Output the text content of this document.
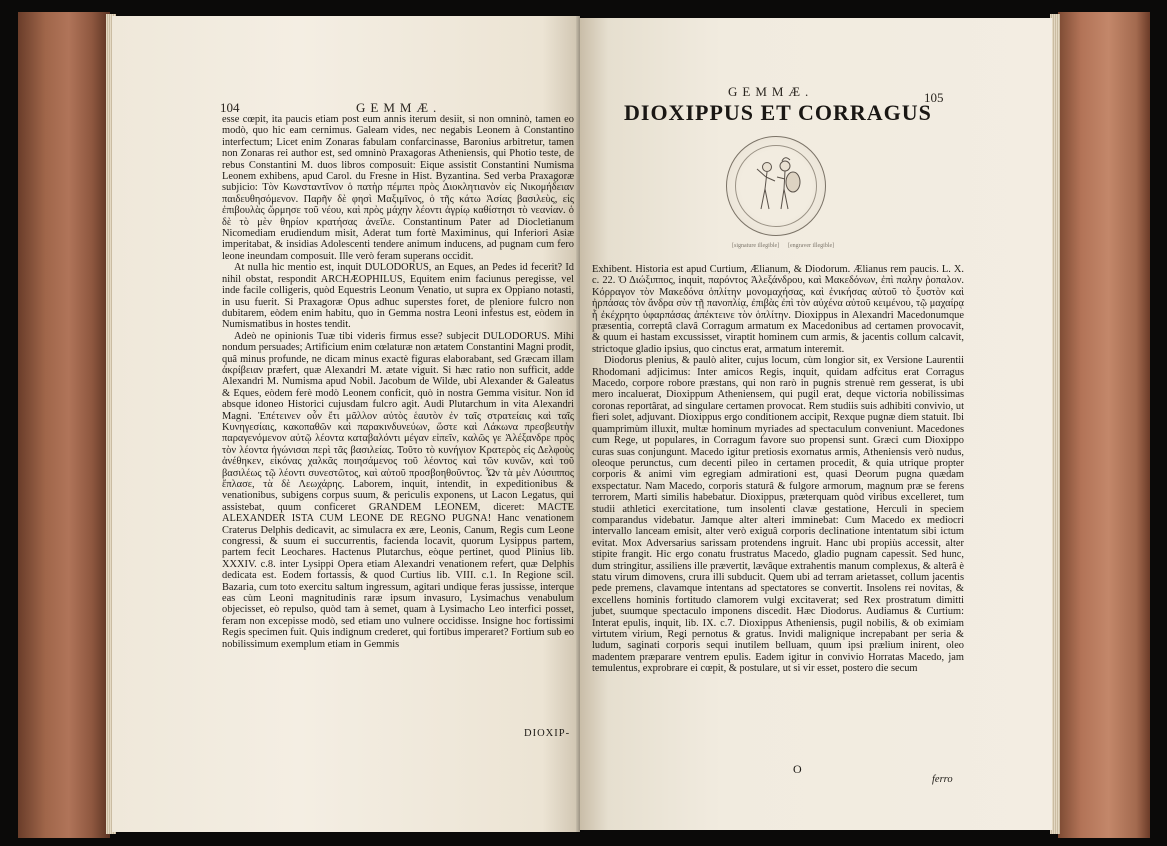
104	GEMMÆ.

esse cœpit, ita paucis etiam post eum annis iterum desiit, si non omninò, tamen eo modò, quo hic eam cernimus. Galeam vides, nec negabis Leonem à Constantino interfectum; Licet enim Zonaras fabulam confarcinasse, Baronius arbitretur, tamen non Zonaras rei author est, sed omninò Praxagoras Atheniensis, qui Photio teste, de rebus Constantini M. duos libros composuit: Eique assistit Constantini Numisma Leonem exhibens, apud Carol. du Fresne in Hist. Byzantina. Sed verba Praxagoræ subjicio: Τὸν Κωνσταντῖνον ὁ πατὴρ πέμπει πρὸς Διοκλητιανὸν εἰς Νικομήδειαν παιδευθησόμενον. Παρῆν δὲ φησὶ Μαξιμῖνος, ὁ τῆς κάτω Ἀσίας βασιλεὺς, εἰς ἐπιβουλὰς ὥρμησε τοῦ νέου, καὶ πρὸς μάχην λέοντι ἀγρίῳ καθίστησι τὸ νεανίαν. ὁ δὲ τὸ μὲν θηρίον κρατήσας ἀνεῖλε. Constantinum Pater ad Diocletianum Nicomediam erudiendum misit, Aderat tum fortè Maximinus, qui Inferiori Asiæ imperitabat, & insidias Adolescenti tendere animum inducens, ad pugnam cum fero leone ineundam composuit. Ille verò feram superans occidit.

At nulla hic mentio est, inquit DULODORUS, an Eques, an Pedes id fecerit? Id nihil obstat, respondit ARCHÆOPHILUS, Equitem enim faciunus peregisse, vel inde facile colligeris, quòd Equestris Leonum Venatio, ut supra ex Oppiano notasti, in usu fuerit. Si Praxagoræ Opus adhuc superstes foret, de pleniore fulcro non dubitarem, eòdem enim habitu, quo in Gemma nostra Leoni infestus est, eòdem in Numismatibus in hostes tendit.

Adeò ne opinionis Tuæ tibi videris firmus esse? subjecit DULODORUS. Mihi nondum persuades; Artificium enim cœlaturæ non ætatem Constantini Magni prodit, quâ minus profunde, ne dicam minus exactè figuras elaborabant, sed Græcam illam ἀκρίβειαν præfert, quæ Alexandri M. ætate viguit. Si hæc ratio non sufficit, adde Alexandri M. Numisma apud Nobil. Jacobum de Wilde, ubi Alexander & Galeatus & Eques, eòdem ferè modò Leonem conficit, quò in nostra Gemma visitur. Non id absque idoneo Historici cujusdam fulcro agit. Audi Plutarchum in vita Alexandri Magni. Ἐπέτεινεν οὖν ἔτι μᾶλλον αὐτὸς ἑαυτὸν ἐν ταῖς στρατείαις καὶ ταῖς Κυνηγεσίαις, κακοπαθῶν καὶ παρακινδυνεύων, ὥστε καὶ Λάκωνα πρεσβευτὴν παραγενόμενον αὐτῷ λέοντα καταβαλόντι μέγαν εἰπεῖν, καλῶς γε Ἀλέξανδρε πρὸς τὸν λέοντα ἠγώνισαι περὶ τᾶς βασιλείας. Τοῦτο τὸ κυνήγιον Κρατερὸς εἰς Δελφοὺς ἀνέθηκεν, εἰκόνας χαλκᾶς ποιησάμενος τοῦ λέοντος καὶ τῶν κυνῶν, καὶ τοῦ βασιλέως τῷ λέοντι συνεστῶτος, καὶ αὐτοῦ προσβοηθοῦντος. Ὧν τὰ μὲν Λύσιππος ἔπλασε, τὰ δὲ Λεωχάρης. Laborem, inquit, intendit, in expeditionibus & venationibus, subigens corpus suum, & periculis exponens, ut Lacon Legatus, qui assistebat, quum conficeret GRANDEM LEONEM, diceret: MACTE ALEXANDER ISTA CUM LEONE DE REGNO PUGNA! Hanc venationem Craterus Delphis dedicavit, ac simulacra ex ære, Leonis, Canum, Regis cum Leone congressi, & suum ei succurrentis, facienda locavit, quorum Lysippus partem, partem fecit Leochares. Hactenus Plutarchus, eòque pertinet, quod Plinius lib. XXXIV. c.8. inter Lysippi Opera etiam Alexandri venationem refert, quæ Delphis dedicata est. Eodem fortassis, & quod Curtius lib. VIII. c.1. In Regione scil. Bazaria, cum toto exercitu saltum ingressum, agitari undique feras jussisse, interque eas cùm Leoni magnitudinis raræ ipsum invasuro, Lysimachus venabulum objecisset, eò repulso, quòd tam à semet, quam à Lysimacho Leo interfici posset, feram non excepisse modò, sed etiam uno vulnere occidisse. Insigne hoc fortissimi Regis specimen fuit. Quis indignum crederet, qui fortibus imperaret? Fortium sub eo nobilissimum exemplum etiam in Gemmis

DIOXIP-
GEMMÆ.	105
DIOXIPPUS ET CORRAGUS
[signature illegible] [engraver illegible]

Exhibent. Historia est apud Curtium, Ælianum, & Diodorum. Ælianus rem paucis. L. X. c. 22. Ὁ Διώξιππος, inquit, παρόντος Ἀλεξάνδρου, καὶ Μακεδόνων, ἐπὶ παλην ῥοπαλον. Κόρραγον τὸν Μακεδόνα ὁπλίτην μονομαχήσας, καὶ ἐνικήσας αὐτοῦ τὸ ξυστὸν καὶ ἠρπάσας τὸν ἄνδρα σὺν τῇ πανοπλίᾳ, ἐπιβὰς ἐπὶ τὸν αὐχένα αὐτοῦ κειμένου, τῷ μαχαίρᾳ ἧ ἐκέχρητο ὑφαρπάσας ἀπέκτεινε τὸν ὁπλίτην. Dioxippus in Alexandri Macedonumque præsentia, correptâ clavâ Corragum armatum ex Macedonibus ad certamen provocavit, & quum ei hastam excussisset, viraptit hominem cum armis, & jacentis collum calcavit, strictoque gladio ipsius, quo cinctus erat, armatum interemit.

Diodorus plenius, & paulò aliter, cujus locum, cùm longior sit, ex Versione Laurentii Rhodomani adjicimus: Inter amicos Regis, inquit, quidam adfcitus erat Corragus Macedo, corpore robore præstans, qui non rarò in pugnis strenuè rem gesserat, is ubi mero incaluerat, Dioxippum Atheniensem, qui pugil erat, deque victoria nobilissimas coronas reportârat, ad singulare certamen provocat. Rem studiis suis adhibiti convivio, ut fieri solet, adjuvant. Dioxippus ergo conditionem accipit, Rexque pugnæ diem statuit. Ibi quamprimùm illuxit, multæ hominum myriades ad spectaculum conveniunt. Macedones cum Rege, ut populares, in Corragum favore suo propensi sunt. Græci cum Dioxippo curas suas conjungunt. Macedo igitur pretiosis exornatus armis, Atheniensis verò nudus, oleoque perunctus, cum decenti pileo in certamen procedit, & quia utrique propter corporis & animi vim egregiam admirationi est, quasi Deorum pugna quædam exspectatur. Nam Macedo, corporis staturâ & fulgore armorum, magnum præ se ferens terrorem, Marti similis habebatur. Dioxippus, præterquam quòd viribus excelleret, tum studii athletici exercitatione, tum insolenti clavæ gestatione, Herculi in speciem comparandus videbatur. Jamque alter alteri imminebat: Cum Macedo ex mediocri intervallo lanceam emisit, alter verò exiguâ corporis declinatione intentatum sibi ictum evitat. Mox Adversarius sarissam protendens ingruit. Hanc ubi propiùs accessit, alter stipite frangit. Hic ergo conatu frustratus Macedo, gladio pugnam capessit. Sed hunc, dum stringitur, assiliens ille prævertit, lævâque extrahentis manum complexus, & alterâ è statu virum dimovens, crura illi subducit. Quem ubi ad terram arietasset, collum jacentis pede premens, clavamque intentans ad spectatores se convertit. Insolens rei novitas, & excellens hominis fortitudo clamorem vulgi excitaverat; sed Rex prostratum dimitti jubet, suumque spectaculo imponens discedit. Hæc Diodorus. Audiamus & Curtium: Interat epulis, inquit, lib. IX. c.7. Dioxippus Atheniensis, pugil nobilis, & ob eximiam virtutem virium, Regi pernotus & gratus. Invidi malignique increpabant per seria & ludum, saginati corporis sequi inutilem belluam, quum ipsi prælium inirent, oleo madentem præparare ventrem epulis. Eadem igitur in convivio Horratas Macedo, jam temulentus, exprobrare ei cœpit, & postulare, ut si vir esset, postero die secum

O
ferro
